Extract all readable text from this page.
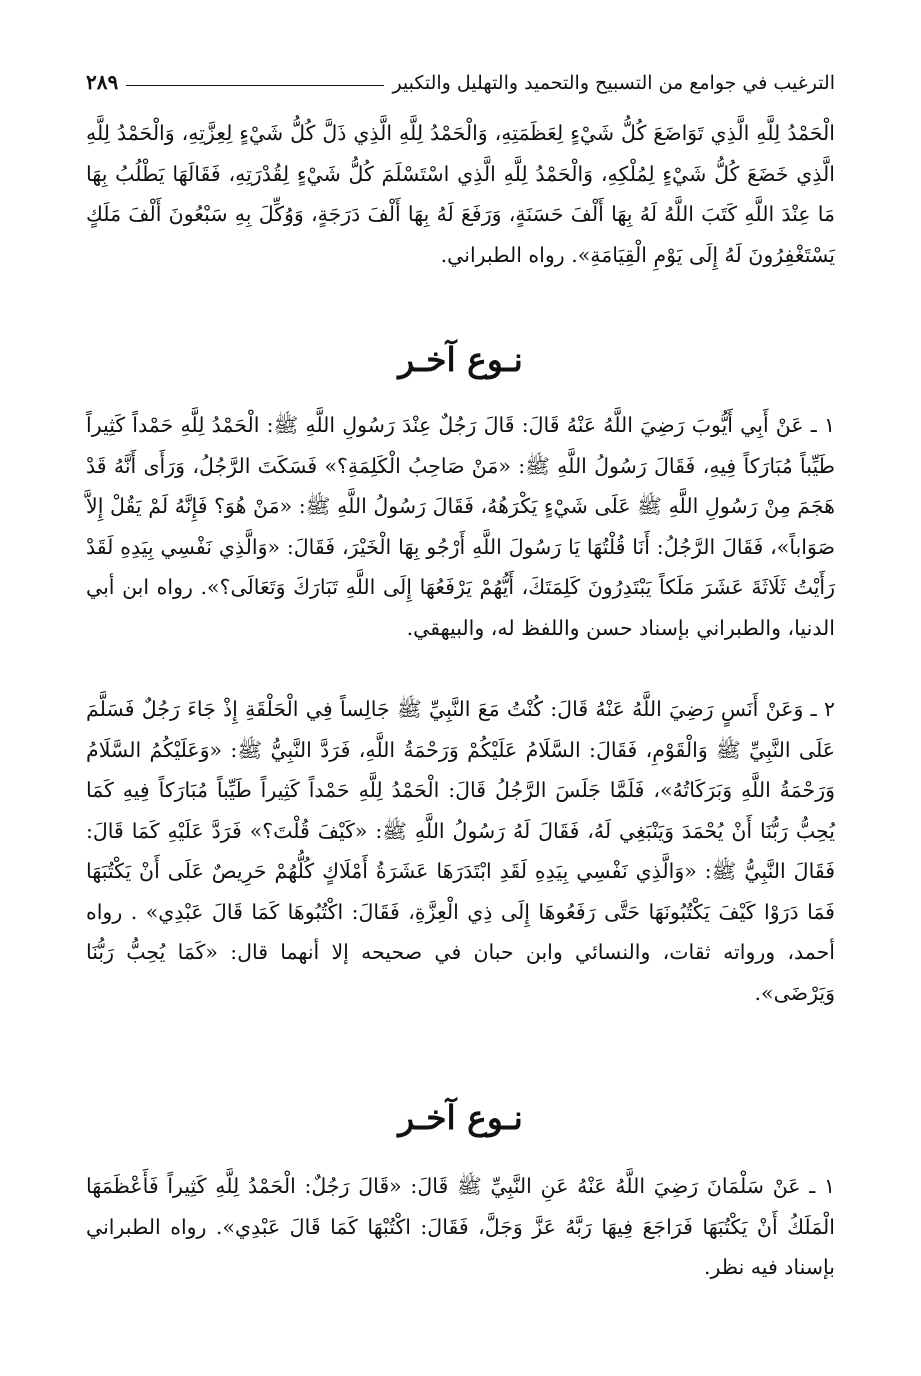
الترغيب في جوامع من التسبيح والتحميد والتهليل والتكبير
٢٨٩

الْحَمْدُ لِلَّهِ الَّذِي تَوَاضَعَ كُلُّ شَيْءٍ لِعَظَمَتِهِ، وَالْحَمْدُ لِلَّهِ الَّذِي ذَلَّ كُلُّ شَيْءٍ لِعِزَّتِهِ، وَالْحَمْدُ لِلَّهِ الَّذِي خَضَعَ كُلُّ شَيْءٍ لِمُلْكِهِ، وَالْحَمْدُ لِلَّهِ الَّذِي اسْتَسْلَمَ كُلُّ شَيْءٍ لِقُدْرَتِهِ، فَقَالَهَا يَطْلُبُ بِهَا مَا عِنْدَ اللَّهِ كَتَبَ اللَّهُ لَهُ بِهَا أَلْفَ حَسَنَةٍ، وَرَفَعَ لَهُ بِهَا أَلْفَ دَرَجَةٍ، وَوُكِّلَ بِهِ سَبْعُونَ أَلْفَ مَلَكٍ يَسْتَغْفِرُونَ لَهُ إِلَى يَوْمِ الْقِيَامَةِ». رواه الطبراني.

نـوع آخـر

١ ـ عَنْ أَبِي أَيُّوبَ رَضِيَ اللَّهُ عَنْهُ قَالَ: قَالَ رَجُلٌ عِنْدَ رَسُولِ اللَّهِ ﷺ: الْحَمْدُ لِلَّهِ حَمْداً كَثِيراً طَيِّباً مُبَارَكاً فِيهِ، فَقَالَ رَسُولُ اللَّهِ ﷺ: «مَنْ صَاحِبُ الْكَلِمَةِ؟» فَسَكَتَ الرَّجُلُ، وَرَأَى أَنَّهُ قَدْ هَجَمَ مِنْ رَسُولِ اللَّهِ ﷺ عَلَى شَيْءٍ يَكْرَهُهُ، فَقَالَ رَسُولُ اللَّهِ ﷺ: «مَنْ هُوَ؟ فَإِنَّهُ لَمْ يَقُلْ إِلاَّ صَوَاباً»، فَقَالَ الرَّجُلُ: أَنَا قُلْتُهَا يَا رَسُولَ اللَّهِ أَرْجُو بِهَا الْخَيْرَ، فَقَالَ: «وَالَّذِي نَفْسِي بِيَدِهِ لَقَدْ رَأَيْتُ ثَلَاثَةَ عَشَرَ مَلَكاً يَبْتَدِرُونَ كَلِمَتَكَ، أَيُّهُمْ يَرْفَعُهَا إِلَى اللَّهِ تَبَارَكَ وَتَعَالَى؟». رواه ابن أبي الدنيا، والطبراني بإسناد حسن واللفظ له، والبيهقي.

٢ ـ وَعَنْ أَنَسٍ رَضِيَ اللَّهُ عَنْهُ قَالَ: كُنْتُ مَعَ النَّبِيِّ ﷺ جَالِساً فِي الْحَلْقَةِ إِذْ جَاءَ رَجُلٌ فَسَلَّمَ عَلَى النَّبِيِّ ﷺ وَالْقَوْمِ، فَقَالَ: السَّلَامُ عَلَيْكُمْ وَرَحْمَةُ اللَّهِ، فَرَدَّ النَّبِيُّ ﷺ: «وَعَلَيْكُمُ السَّلَامُ وَرَحْمَةُ اللَّهِ وَبَرَكَاتُهُ»، فَلَمَّا جَلَسَ الرَّجُلُ قَالَ: الْحَمْدُ لِلَّهِ حَمْداً كَثِيراً طَيِّباً مُبَارَكاً فِيهِ كَمَا يُحِبُّ رَبُّنَا أَنْ يُحْمَدَ وَيَنْبَغِي لَهُ، فَقَالَ لَهُ رَسُولُ اللَّهِ ﷺ: «كَيْفَ قُلْتَ؟» فَرَدَّ عَلَيْهِ كَمَا قَالَ: فَقَالَ النَّبِيُّ ﷺ: «وَالَّذِي نَفْسِي بِيَدِهِ لَقَدِ ابْتَدَرَهَا عَشَرَةُ أَمْلَاكٍ كُلُّهُمْ حَرِيصٌ عَلَى أَنْ يَكْتُبَهَا فَمَا دَرَوْا كَيْفَ يَكْتُبُونَهَا حَتَّى رَفَعُوهَا إِلَى ذِي الْعِزَّةِ، فَقَالَ: اكْتُبُوهَا كَمَا قَالَ عَبْدِي» . رواه أحمد، ورواته ثقات، والنسائي وابن حبان في صحيحه إلا أنهما قال: «كَمَا يُحِبُّ رَبُّنَا وَيَرْضَى».

نـوع آخـر

١ ـ عَنْ سَلْمَانَ رَضِيَ اللَّهُ عَنْهُ عَنِ النَّبِيِّ ﷺ قَالَ: «قَالَ رَجُلٌ: الْحَمْدُ لِلَّهِ كَثِيراً فَأَعْظَمَهَا الْمَلَكُ أَنْ يَكْتُبَهَا فَرَاجَعَ فِيهَا رَبَّهُ عَزَّ وَجَلَّ، فَقَالَ: اكْتُبْهَا كَمَا قَالَ عَبْدِي». رواه الطبراني بإسناد فيه نظر.
